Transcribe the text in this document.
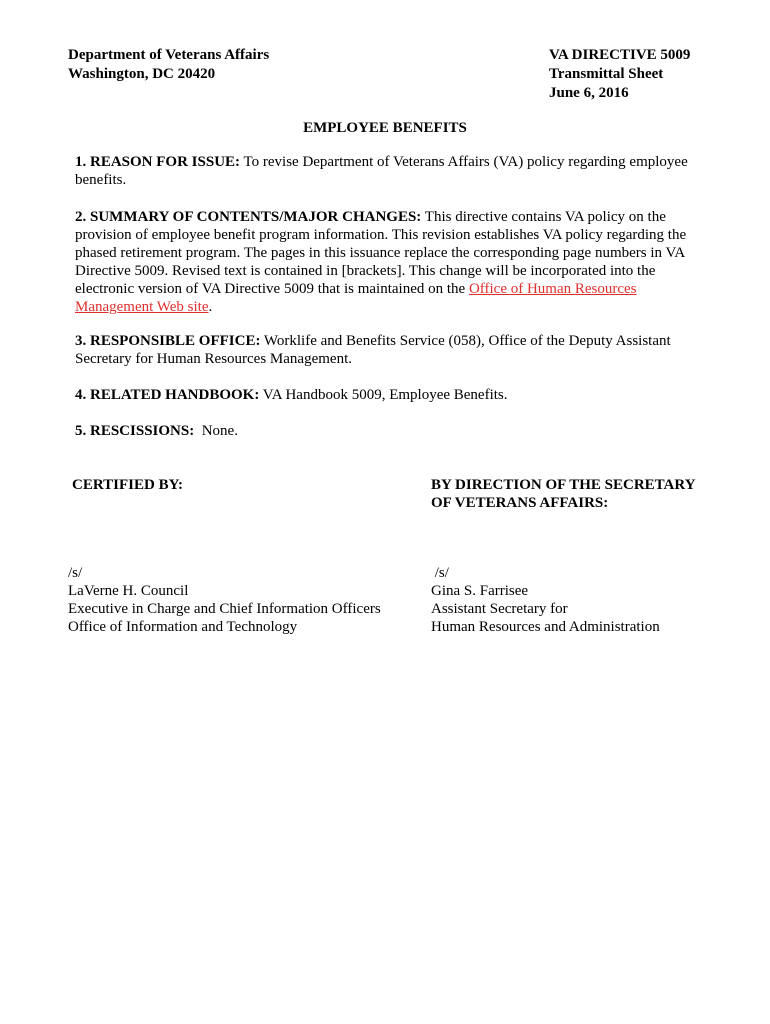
Department of Veterans Affairs
Washington, DC 20420
VA DIRECTIVE 5009
Transmittal Sheet
June 6, 2016
EMPLOYEE BENEFITS
1. REASON FOR ISSUE: To revise Department of Veterans Affairs (VA) policy regarding employee benefits.
2. SUMMARY OF CONTENTS/MAJOR CHANGES: This directive contains VA policy on the provision of employee benefit program information. This revision establishes VA policy regarding the phased retirement program. The pages in this issuance replace the corresponding page numbers in VA Directive 5009. Revised text is contained in [brackets]. This change will be incorporated into the electronic version of VA Directive 5009 that is maintained on the Office of Human Resources Management Web site.
3. RESPONSIBLE OFFICE: Worklife and Benefits Service (058), Office of the Deputy Assistant Secretary for Human Resources Management.
4. RELATED HANDBOOK: VA Handbook 5009, Employee Benefits.
5. RESCISSIONS:  None.
CERTIFIED BY:	BY DIRECTION OF THE SECRETARY
OF VETERANS AFFAIRS:
/s/
LaVerne H. Council
Executive in Charge and Chief Information Officers
Office of Information and Technology
/s/
Gina S. Farrisee
Assistant Secretary for
Human Resources and Administration
